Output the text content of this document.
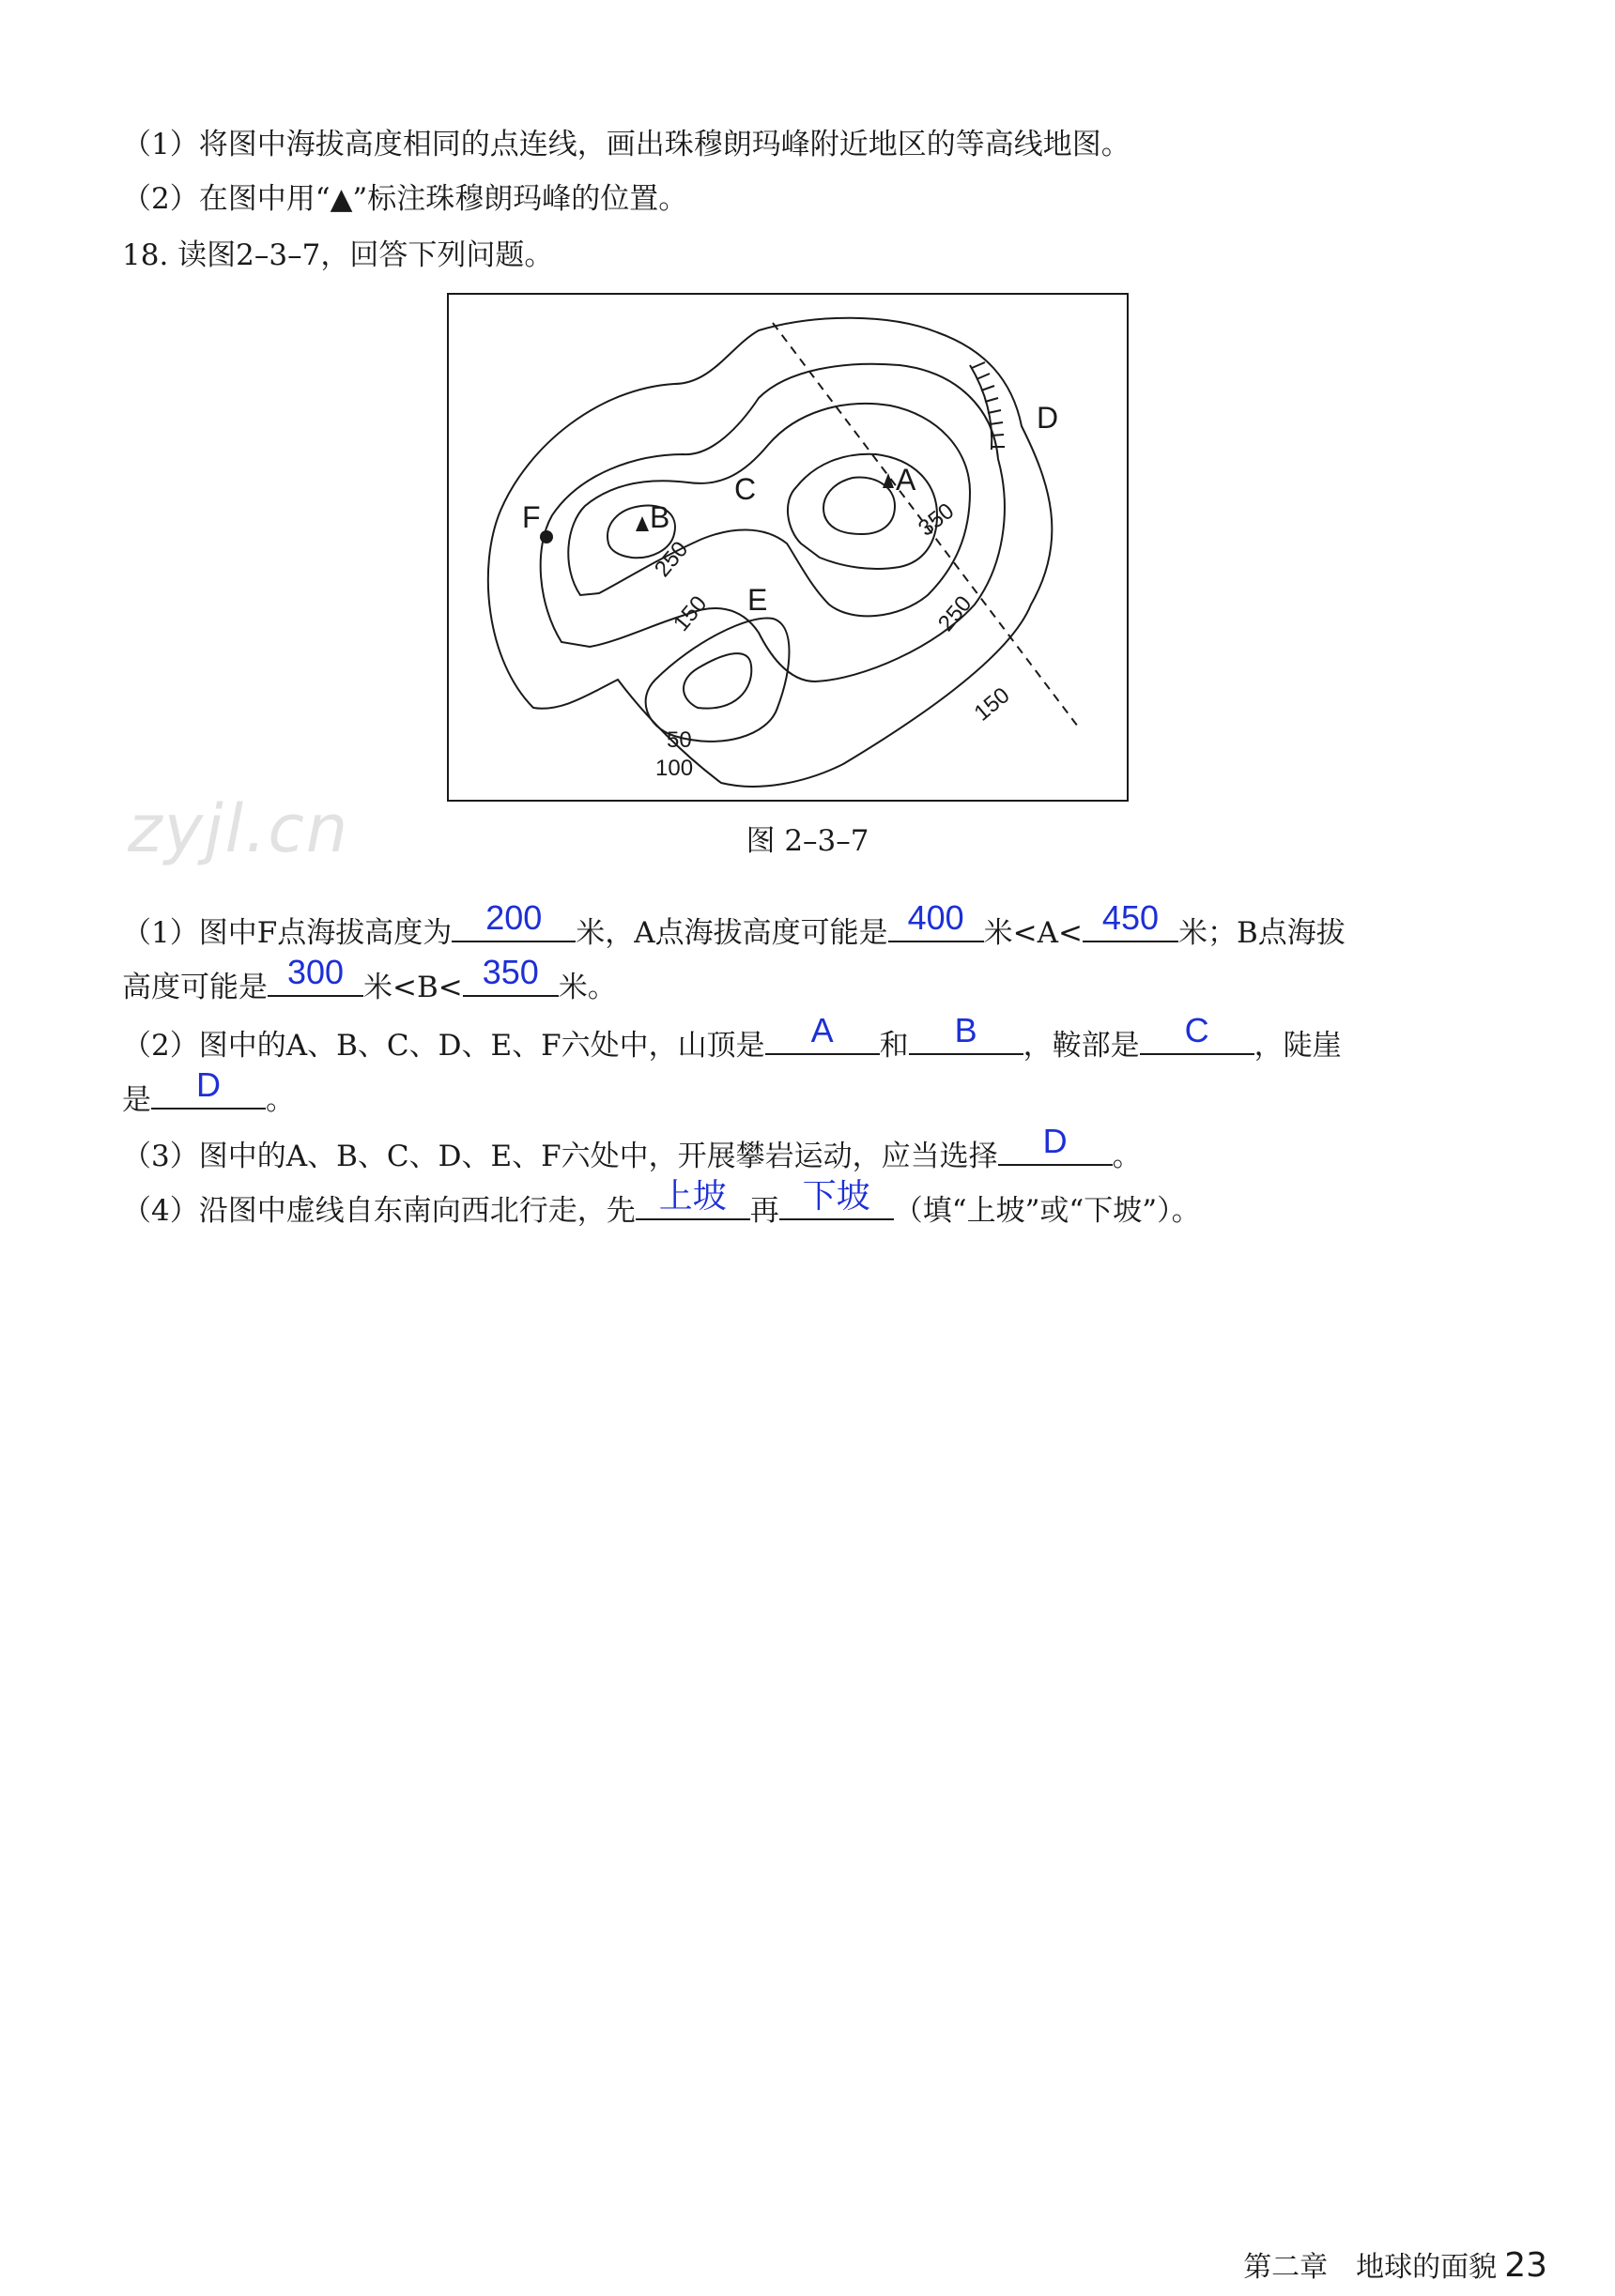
（1）将图中海拔高度相同的点连线，画出珠穆朗玛峰附近地区的等高线地图。
（2）在图中用“▲”标注珠穆朗玛峰的位置。
18. 读图2–3–7，回答下列问题。
A
B
C
D
E
F	350
250
150	250
150
50
100
图 2–3–7
zyjl.cn
（1）图中F点海拔高度为 200	米，A点海拔高度可能是 400 米<A< 450 米；B点海拔
高度可能是 300 米<B< 350 米。
（2）图中的A、B、C、D、E、F六处中，山顶是	A	和	B	，鞍部是	C	，陡崖
是	D	。
（3）图中的A、B、C、D、E、F六处中，开展攀岩运动，应当选择	D	。
（4）沿图中虚线自东南向西北行走，先 上坡 再 下坡 （填“上坡”或“下坡”）。
第二章　地球的面貌 23
